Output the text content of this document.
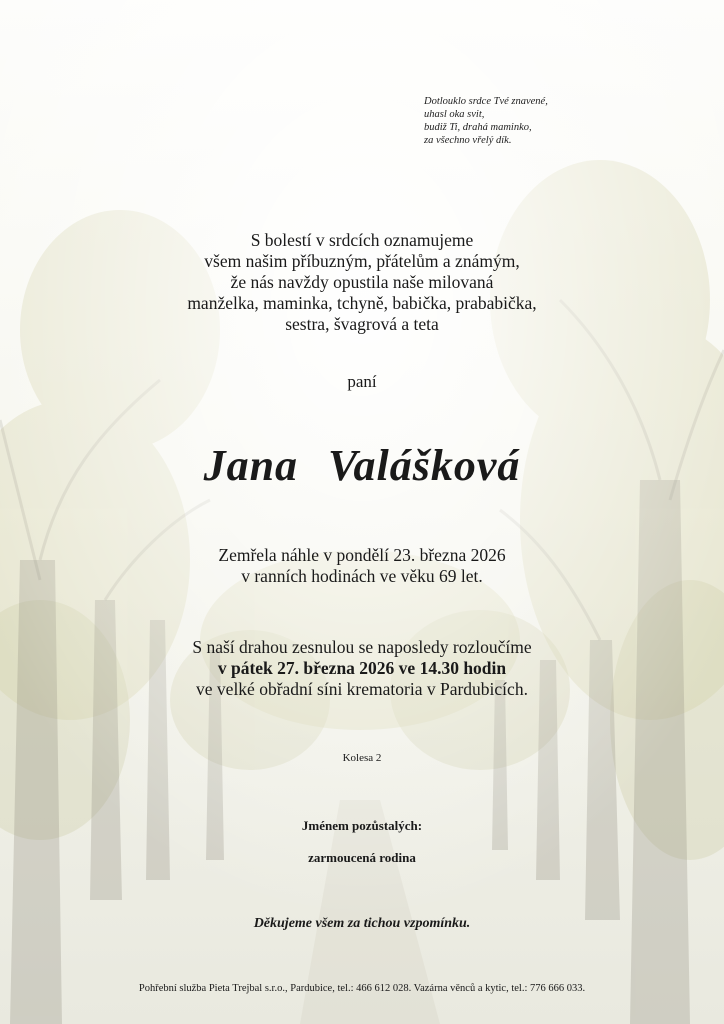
Dotlouklo srdce Tvé znavené,
uhasl oka svit,
budiž Ti, drahá maminko,
za všechno vřelý dík.
S bolestí v srdcích oznamujeme
všem našim příbuzným, přátelům a známým,
že nás navždy opustila naše milovaná
manželka, maminka, tchyně, babička, prababička,
sestra, švagrová a teta
paní
Jana Valášková
Zemřela náhle v pondělí 23. března 2026
v ranních hodinách ve věku 69 let.
S naší drahou zesnulou se naposledy rozloučíme
v pátek 27. března 2026 ve 14.30 hodin
ve velké obřadní síni krematoria v Pardubicích.
Kolesa 2
Jménem pozůstalých:
zarmoucená rodina
Děkujeme všem za tichou vzpomínku.
Pohřební služba Pieta Trejbal s.r.o., Pardubice, tel.: 466 612 028. Vazárna věnců a kytic, tel.: 776 666 033.
